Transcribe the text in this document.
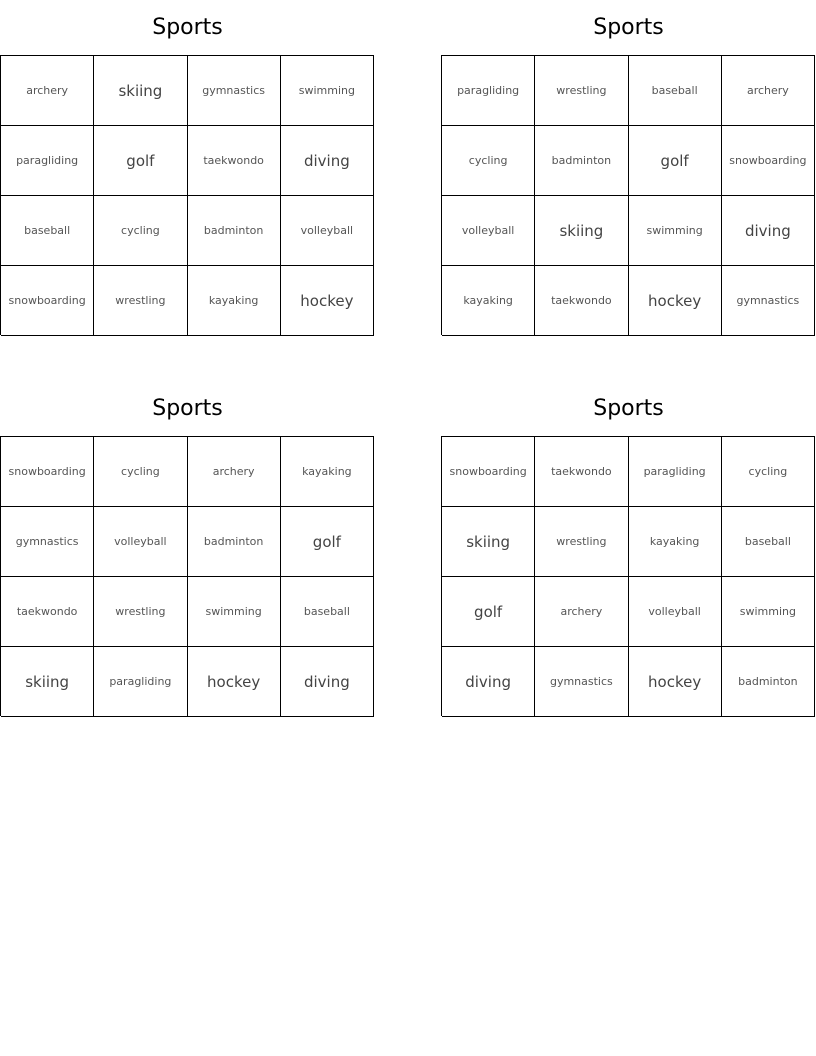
Sports
archery	skiing	gymnastics	swimming
paragliding	golf	taekwondo	diving
baseball	cycling	badminton	volleyball
snowboarding	wrestling	kayaking	hockey
Sports
paragliding	wrestling	baseball	archery
cycling	badminton	golf	snowboarding
volleyball	skiing	swimming	diving
kayaking	taekwondo	hockey	gymnastics
Sports
snowboarding	cycling	archery	kayaking
gymnastics	volleyball	badminton	golf
taekwondo	wrestling	swimming	baseball
skiing	paragliding	hockey	diving
Sports
snowboarding	taekwondo	paragliding	cycling
skiing	wrestling	kayaking	baseball
golf	archery	volleyball	swimming
diving	gymnastics	hockey	badminton
